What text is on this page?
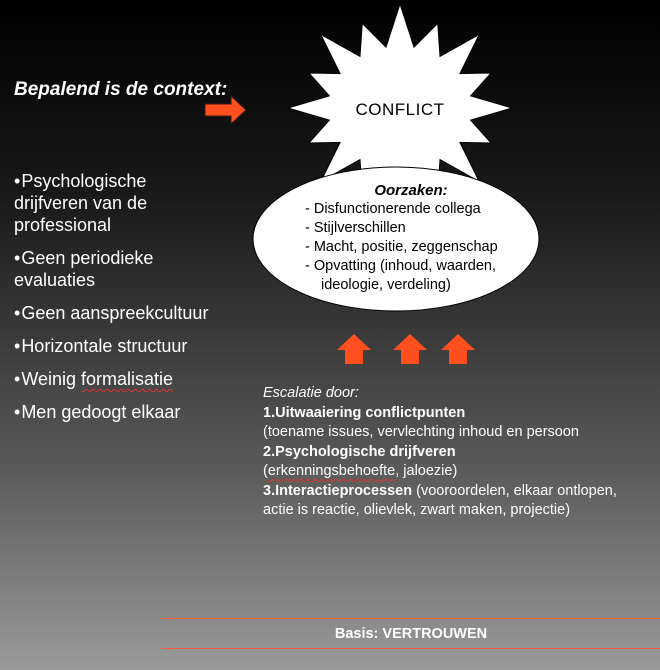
Bepalend is de context:
•Psychologische drijfveren van de professional
•Geen periodieke evaluaties
•Geen aanspreekcultuur
•Horizontale structuur
•Weinig formalisatie
•Men gedoogt elkaar
CONFLICT
Oorzaken:
- Disfunctionerende collega
- Stijlverschillen
- Macht, positie, zeggenschap
- Opvatting (inhoud, waarden,
ideologie, verdeling)
Escalatie door:
1.Uitwaaiering conflictpunten
(toename issues, vervlechting inhoud en persoon
2.Psychologische drijfveren
(erkenningsbehoefte, jaloezie)
3.Interactieprocessen (vooroordelen, elkaar ontlopen, actie is reactie, olievlek, zwart maken, projectie)
Basis: VERTROUWEN
